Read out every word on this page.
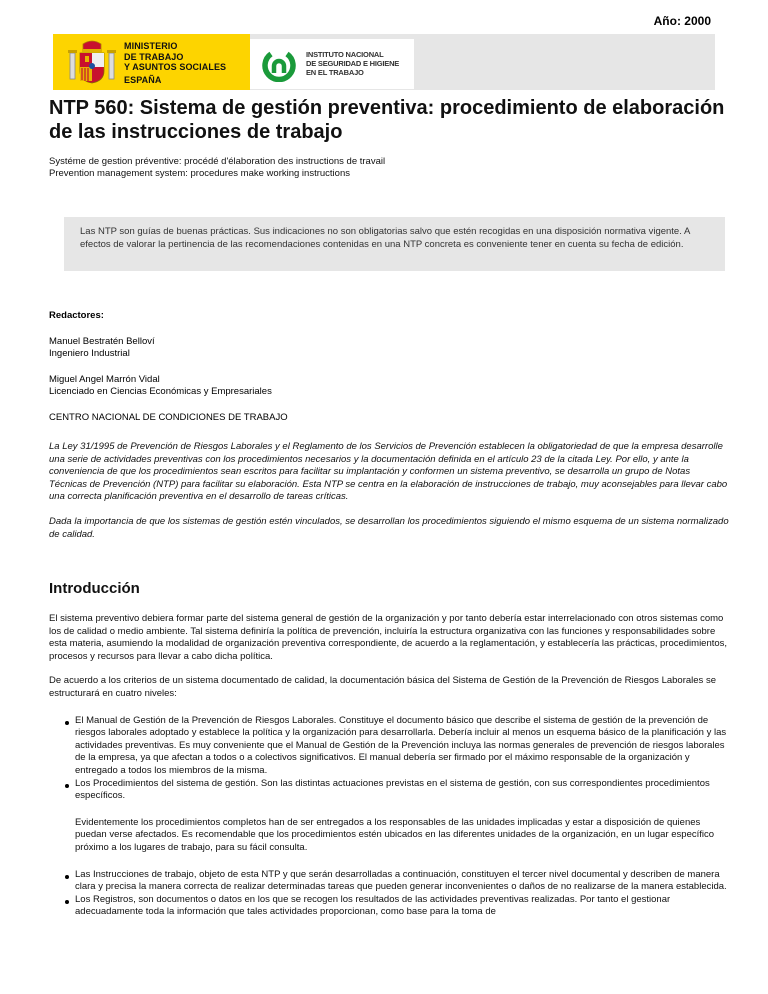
Año: 2000
MINISTERIO
DE TRABAJO
Y ASUNTOS SOCIALES
ESPAÑA
INSTITUTO NACIONAL
DE SEGURIDAD E HIGIENE
EN EL TRABAJO
NTP 560: Sistema de gestión preventiva: procedimiento de elaboración de las instrucciones de trabajo
Systéme de gestion préventive: procédé d'élaboration des instructions de travail
Prevention management system: procedures make working instructions
Las NTP son guías de buenas prácticas. Sus indicaciones no son obligatorias salvo que estén recogidas en una disposición normativa vigente. A efectos de valorar la pertinencia de las recomendaciones contenidas en una NTP concreta es conveniente tener en cuenta su fecha de edición.
Redactores:
Manuel Bestratén Belloví
Ingeniero Industrial
Miguel Angel Marrón Vidal
Licenciado en Ciencias Económicas y Empresariales
CENTRO NACIONAL DE CONDICIONES DE TRABAJO

La Ley 31/1995 de Prevención de Riesgos Laborales y el Reglamento de los Servicios de Prevención establecen la obligatoriedad de que la empresa desarrolle una serie de actividades preventivas con los procedimientos necesarios y la documentación definida en el artículo 23 de la citada Ley. Por ello, y ante la conveniencia de que los procedimientos sean escritos para facilitar su implantación y conformen un sistema preventivo, se desarrolla un grupo de Notas Técnicas de Prevención (NTP) para facilitar su elaboración. Esta NTP se centra en la elaboración de instrucciones de trabajo, muy aconsejables para llevar cabo una correcta planificación preventiva en el desarrollo de tareas críticas.

Dada la importancia de que los sistemas de gestión estén vinculados, se desarrollan los procedimientos siguiendo el mismo esquema de un sistema normalizado de calidad.

Introducción

El sistema preventivo debiera formar parte del sistema general de gestión de la organización y por tanto debería estar interrelacionado con otros sistemas como los de calidad o medio ambiente. Tal sistema definiría la política de prevención, incluiría la estructura organizativa con las funciones y responsabilidades sobre esta materia, asumiendo la modalidad de organización preventiva correspondiente, de acuerdo a la reglamentación, y establecería las prácticas, procedimientos, procesos y recursos para llevar a cabo dicha política.

De acuerdo a los criterios de un sistema documentado de calidad, la documentación básica del Sistema de Gestión de la Prevención de Riesgos Laborales se estructurará en cuatro niveles:

El Manual de Gestión de la Prevención de Riesgos Laborales. Constituye el documento básico que describe el sistema de gestión de la prevención de riesgos laborales adoptado y establece la política y la organización para desarrollarla. Debería incluir al menos un esquema básico de la planificación y las actividades preventivas. Es muy conveniente que el Manual de Gestión de la Prevención incluya las normas generales de prevención de riesgos laborales de la empresa, ya que afectan a todos o a colectivos significativos. El manual debería ser firmado por el máximo responsable de la organización y entregado a todos los miembros de la misma.
Los Procedimientos del sistema de gestión. Son las distintas actuaciones previstas en el sistema de gestión, con sus correspondientes procedimientos específicos.

Evidentemente los procedimientos completos han de ser entregados a los responsables de las unidades implicadas y estar a disposición de quienes puedan verse afectados. Es recomendable que los procedimientos estén ubicados en las diferentes unidades de la organización, en un lugar específico próximo a los lugares de trabajo, para su fácil consulta.

Las Instrucciones de trabajo, objeto de esta NTP y que serán desarrolladas a continuación, constituyen el tercer nivel documental y describen de manera clara y precisa la manera correcta de realizar determinadas tareas que pueden generar inconvenientes o daños de no realizarse de la manera establecida.
Los Registros, son documentos o datos en los que se recogen los resultados de las actividades preventivas realizadas. Por tanto el gestionar adecuadamente toda la información que tales actividades proporcionan, como base para la toma de
